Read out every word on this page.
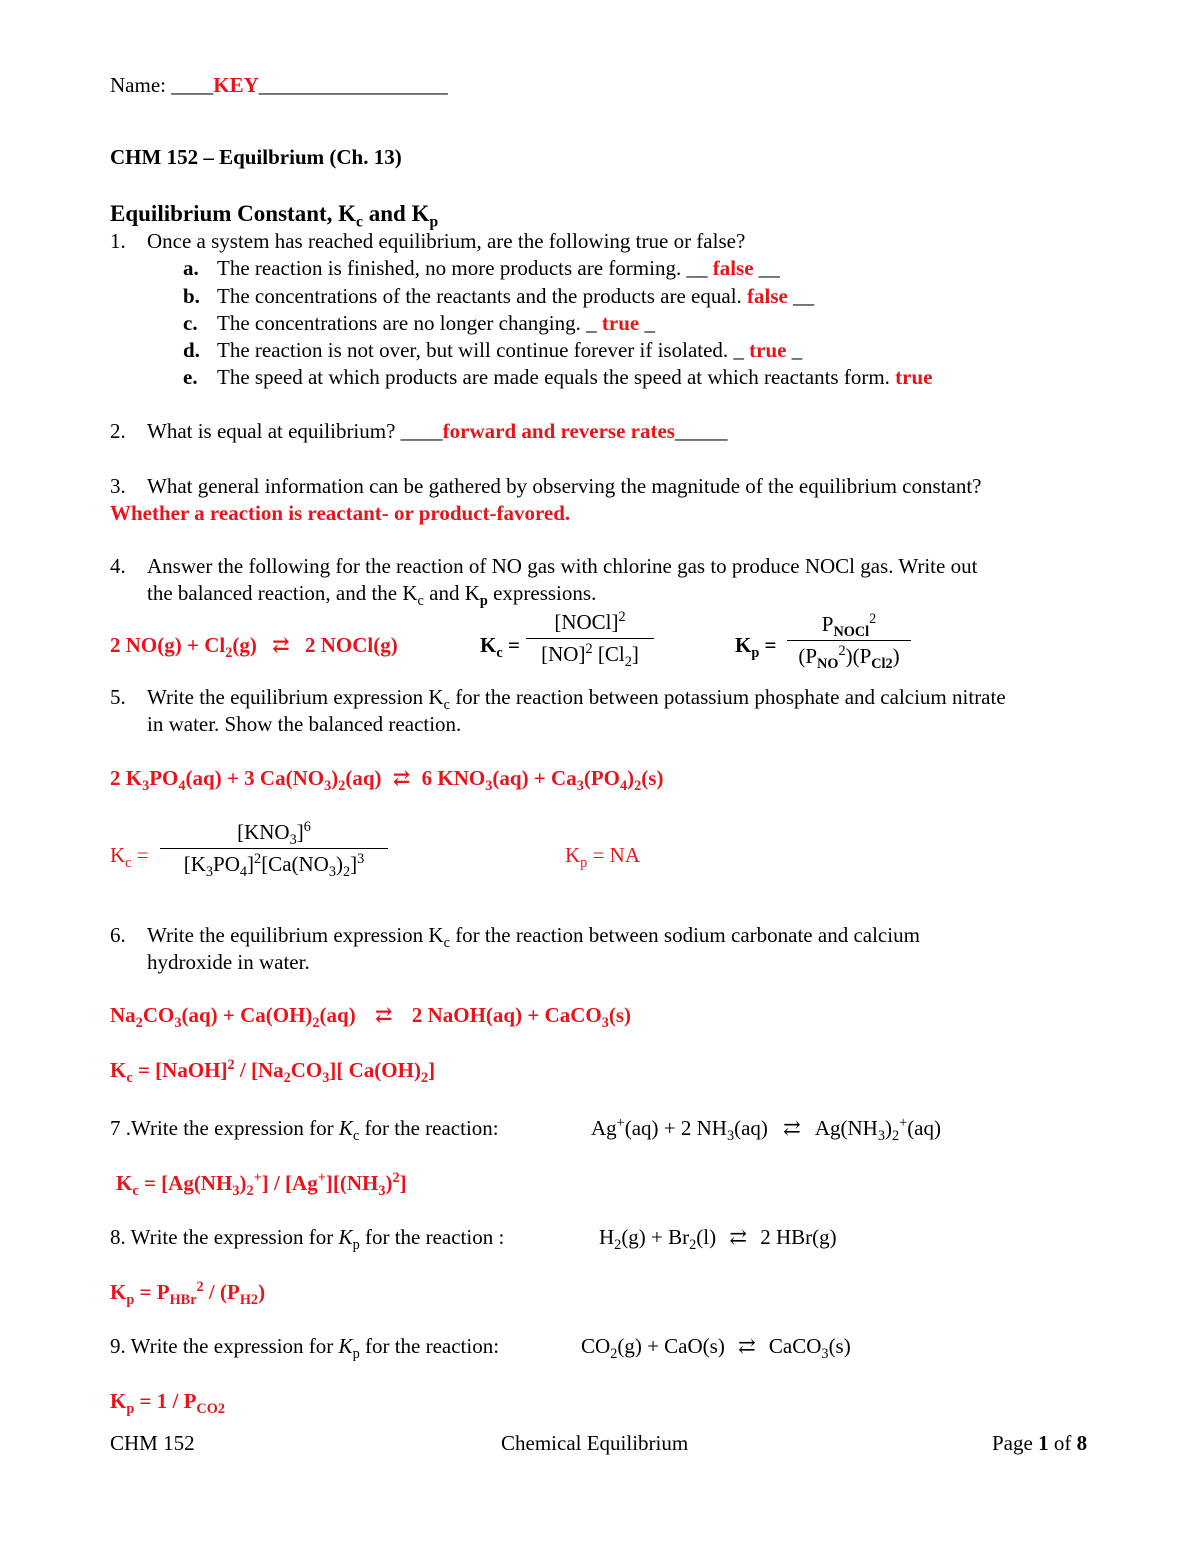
Name: ____KEY__________________
CHM 152 – Equilbrium (Ch. 13)
Equilibrium Constant, $K_c$ and $K_p$
1. Once a system has reached equilibrium, are the following true or false?
a. The reaction is finished, no more products are forming. __ false __
b. The concentrations of the reactants and the products are equal. false __
c. The concentrations are no longer changing. _ true _
d. The reaction is not over, but will continue forever if isolated. _ true _
e. The speed at which products are made equals the speed at which reactants form. true
2. What is equal at equilibrium? ____forward and reverse rates_____
3. What general information can be gathered by observing the magnitude of the equilibrium constant?
Whether a reaction is reactant- or product-favored.
4. Answer the following for the reaction of NO gas with chlorine gas to produce NOCl gas. Write out
the balanced reaction, and the $K_c$ and $K_p$ expressions.
2 $NO(g) + Cl_2(g)$ ⇄ 2 NOCl(g)	$K_c$ =
[NOCl]$^2$
[NO]$^2$ $[Cl_2]$	$K_p$ =
$P_{NOCl}^2$
$(P_{NO}^2)(P_{Cl2})$
5. Write the equilibrium expression $K_c$ for the reaction between potassium phosphate and calcium nitrate
in water. Show the balanced reaction.
2 $K_3PO_4(aq) + 3$ $Ca(NO_3)_2(aq)$ ⇄ 6 $KNO_3(aq) + Ca_3(PO_4)_2(s)$
$K_c$ =
$[KNO_3]^6$
$[K_3PO_4]^2[Ca(NO_3)_2]^3$	$K_p$ = NA
6. Write the equilibrium expression $K_c$ for the reaction between sodium carbonate and calcium
hydroxide in water.
$Na_2CO_3(aq) + Ca(OH)_2(aq)$ ⇄ 2 NaOH(aq) + CaCO$_3$(s)
$K_c$ = [NaOH]$^2$ / $[Na_2CO_3]$[ $Ca(OH)_2$]
7 .Write the expression for $K_c$ for the reaction:	Ag+(aq) + 2 $NH_3(aq)$ ⇄ $Ag(NH_3)_2^+(aq)$
$K_c = [Ag(NH_3)_2^+] / [Ag^+][(NH_3)^2]$
8. Write the expression for $K_p$ for the reaction :	$H_2(g) + Br_2(l)$ ⇄ 2 HBr(g)
$K_p = P_{HBr}^2 / (P_{H2})$
9. Write the expression for $K_p$ for the reaction:	$CO_2(g) + CaO(s)$ ⇄ CaCO$_3$(s)
$K_p = 1 / P_{CO2}$
CHM 152	Chemical Equilibrium	Page 1 of 8
